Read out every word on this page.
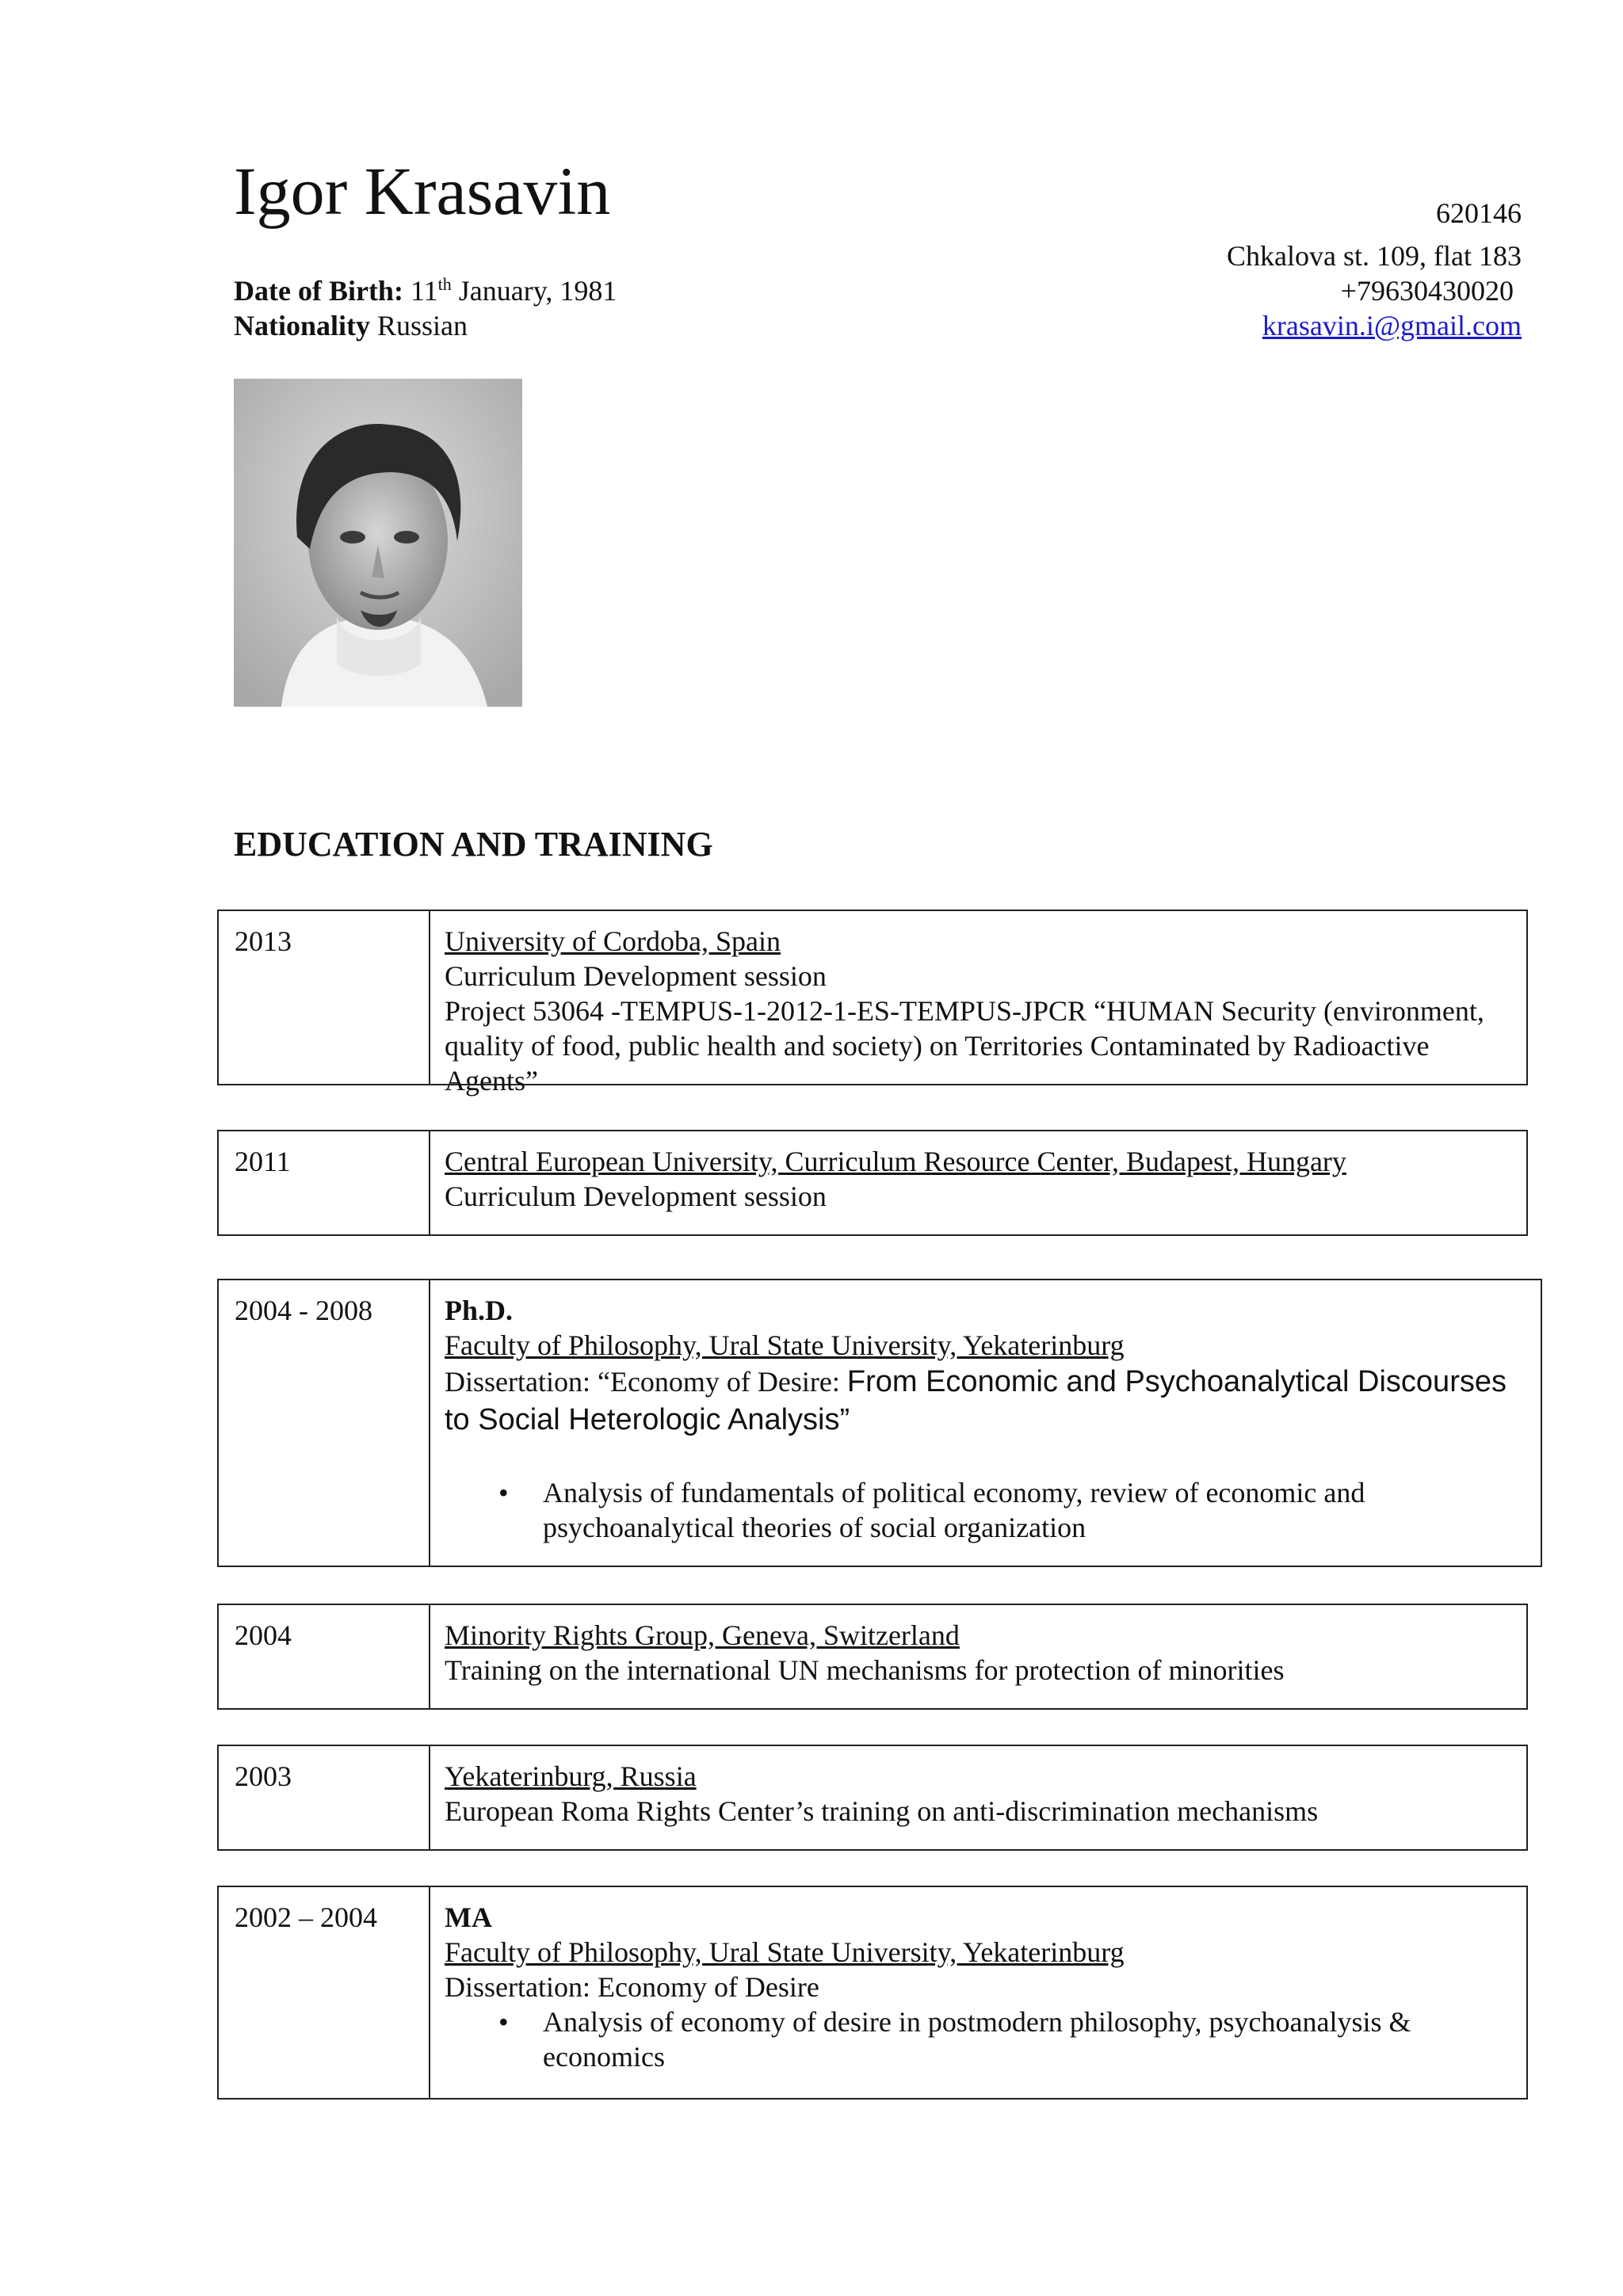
Igor Krasavin	620146
Chkalova st. 109, flat 183
+79630430020
krasavin.i@gmail.com
Date of Birth: 11th January, 1981
Nationality Russian
EDUCATION AND TRAINING
2013	University of Cordoba, Spain
Curriculum Development session
Project 53064 -TEMPUS-1-2012-1-ES-TEMPUS-JPCR “HUMAN Security (environment, quality of food, public health and society) on Territories Contaminated by Radioactive Agents”
2011	Central European University, Curriculum Resource Center, Budapest, Hungary
Curriculum Development session
2004 - 2008	Ph.D.
Faculty of Philosophy, Ural State University, Yekaterinburg
Dissertation: “Economy of Desire: From Economic and Psychoanalytical Discourses to Social Heterologic Analysis”
• Analysis of fundamentals of political economy, review of economic and psychoanalytical theories of social organization
2004	Minority Rights Group, Geneva, Switzerland
Training on the international UN mechanisms for protection of minorities
2003	Yekaterinburg, Russia
European Roma Rights Center’s training on anti-discrimination mechanisms
2002 – 2004 MA
Faculty of Philosophy, Ural State University, Yekaterinburg
Dissertation: Economy of Desire
• Analysis of economy of desire in postmodern philosophy, psychoanalysis & economics
